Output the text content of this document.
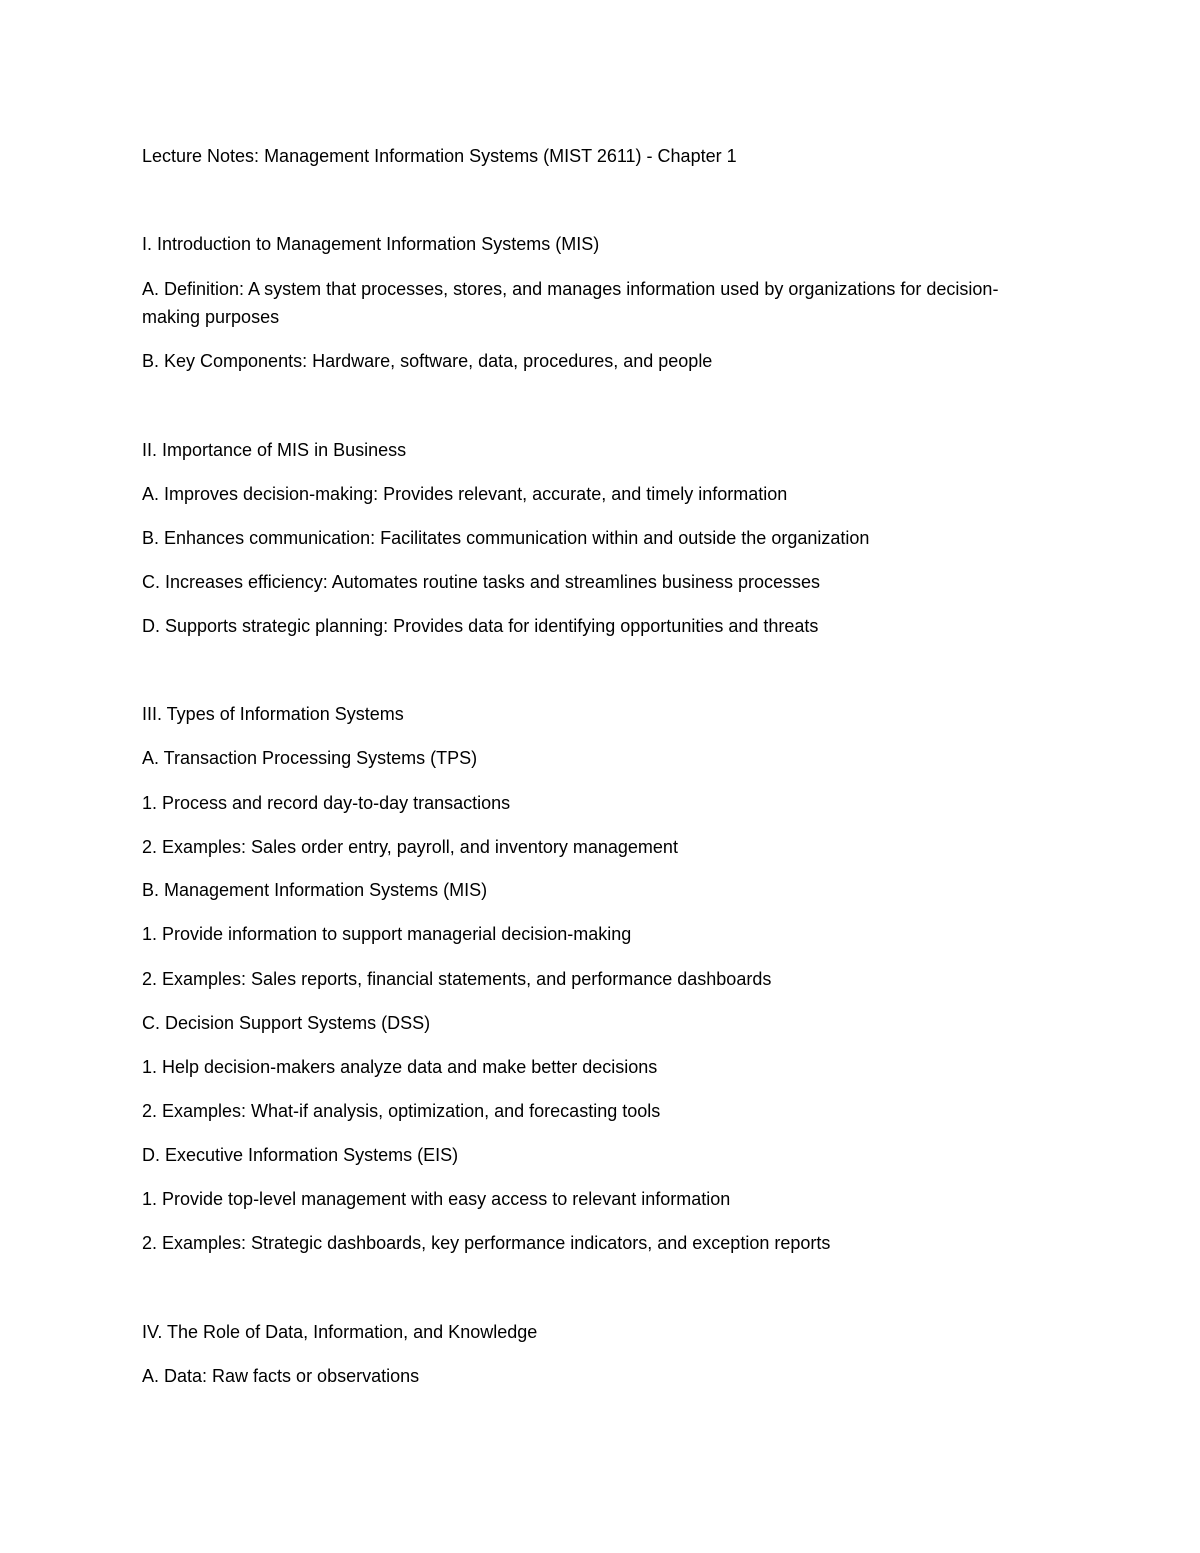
Lecture Notes: Management Information Systems (MIST 2611) - Chapter 1
I. Introduction to Management Information Systems (MIS)
A. Definition: A system that processes, stores, and manages information used by organizations for decision-making purposes
B. Key Components: Hardware, software, data, procedures, and people
II. Importance of MIS in Business
A. Improves decision-making: Provides relevant, accurate, and timely information
B. Enhances communication: Facilitates communication within and outside the organization
C. Increases efficiency: Automates routine tasks and streamlines business processes
D. Supports strategic planning: Provides data for identifying opportunities and threats
III. Types of Information Systems
A. Transaction Processing Systems (TPS)
1. Process and record day-to-day transactions
2. Examples: Sales order entry, payroll, and inventory management
B. Management Information Systems (MIS)
1. Provide information to support managerial decision-making
2. Examples: Sales reports, financial statements, and performance dashboards
C. Decision Support Systems (DSS)
1. Help decision-makers analyze data and make better decisions
2. Examples: What-if analysis, optimization, and forecasting tools
D. Executive Information Systems (EIS)
1. Provide top-level management with easy access to relevant information
2. Examples: Strategic dashboards, key performance indicators, and exception reports
IV. The Role of Data, Information, and Knowledge
A. Data: Raw facts or observations
